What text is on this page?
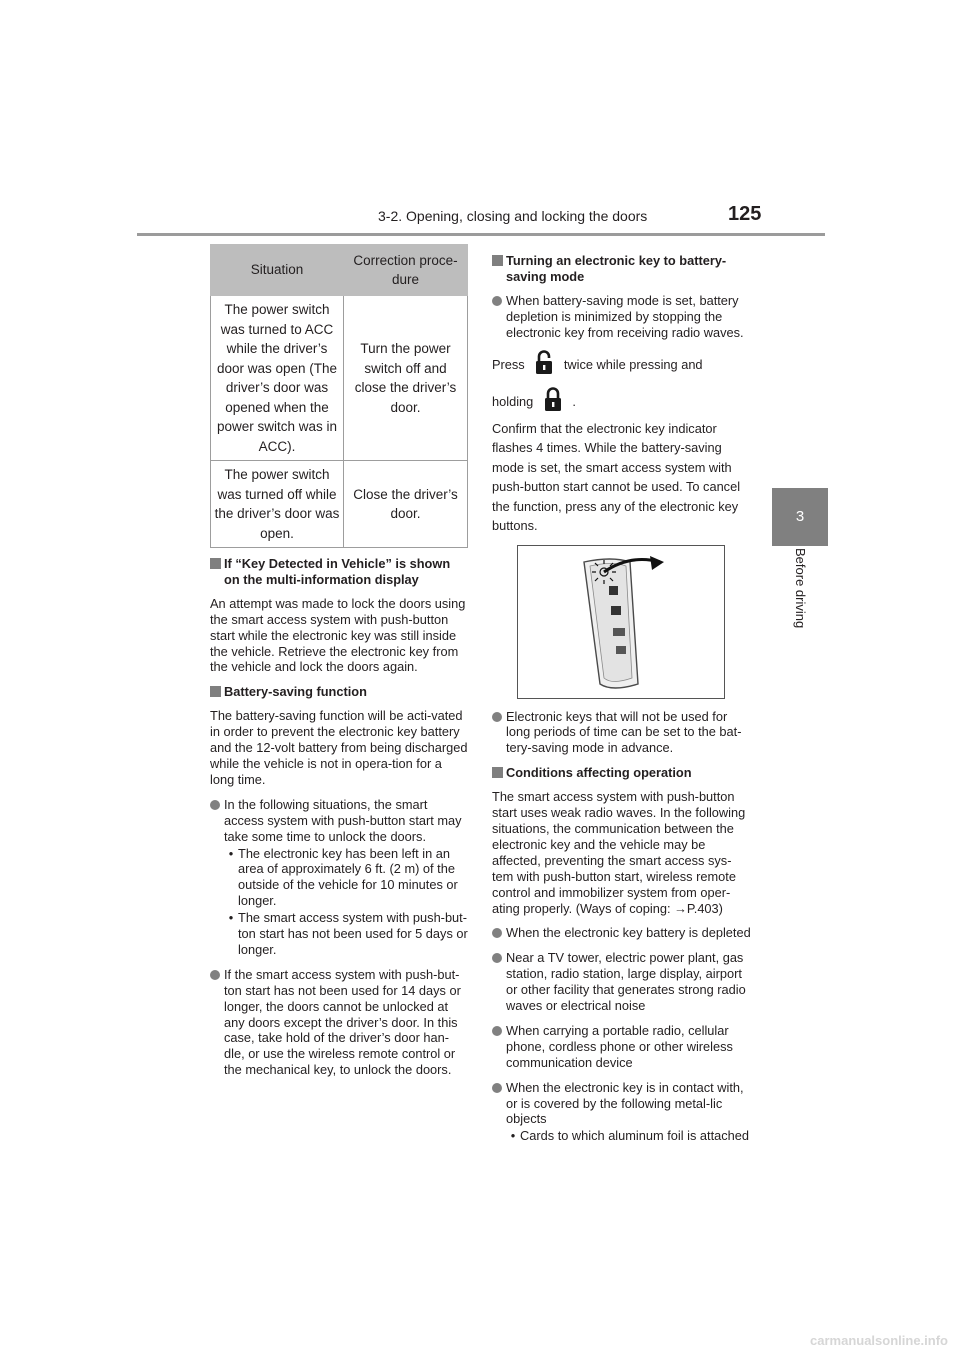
3-2. Opening, closing and locking the doors	125
3
Before driving
Situation	Correction proce-dure
The power switch was turned to ACC while the driver’s door was open (The driver’s door was opened when the power switch was in ACC).	Turn the power switch off and close the driver’s door.
The power switch was turned off while the driver’s door was open.	Close the driver’s door.
If “Key Detected in Vehicle” is shown on the multi-information display

An attempt was made to lock the doors using the smart access system with push-button start while the electronic key was still inside the vehicle. Retrieve the electronic key from the vehicle and lock the doors again.

Battery-saving function

The battery-saving function will be acti-vated in order to prevent the electronic key battery and the 12-volt battery from being discharged while the vehicle is not in opera-tion for a long time.

In the following situations, the smart access system with push-button start may take some time to unlock the doors.
• The electronic key has been left in an area of approximately 6 ft. (2 m) of the outside of the vehicle for 10 minutes or longer.
• The smart access system with push-but-ton start has not been used for 5 days or longer.
If the smart access system with push-but-ton start has not been used for 14 days or longer, the doors cannot be unlocked at any doors except the driver’s door. In this case, take hold of the driver’s door han-dle, or use the wireless remote control or the mechanical key, to unlock the doors.
Turning an electronic key to battery-saving mode
When battery-saving mode is set, battery depletion is minimized by stopping the electronic key from receiving radio waves.
Press	twice while pressing and
holding	.

Confirm that the electronic key indicator flashes 4 times. While the battery-saving mode is set, the smart access system with push-button start cannot be used. To cancel the function, press any of the electronic key buttons.

Electronic keys that will not be used for long periods of time can be set to the bat-tery-saving mode in advance.
Conditions affecting operation

The smart access system with push-button start uses weak radio waves. In the following situations, the communication between the electronic key and the vehicle may be affected, preventing the smart access sys-tem with push-button start, wireless remote control and immobilizer system from oper-ating properly. (Ways of coping: →P.403)

When the electronic key battery is depleted
Near a TV tower, electric power plant, gas station, radio station, large display, airport or other facility that generates strong radio waves or electrical noise
When carrying a portable radio, cellular phone, cordless phone or other wireless communication device
When the electronic key is in contact with, or is covered by the following metal-lic objects
• Cards to which aluminum foil is attached
carmanualsonline.info
